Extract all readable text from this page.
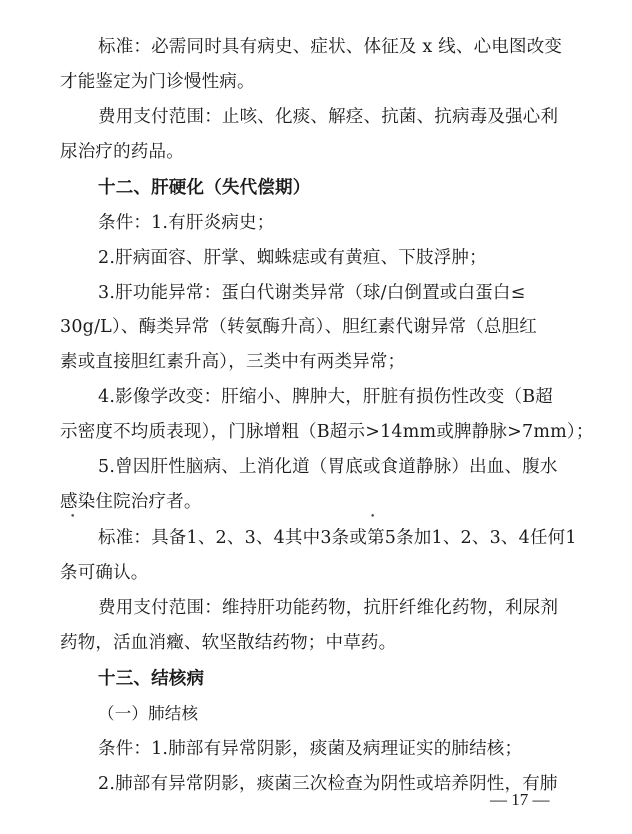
标准：必需同时具有病史、症状、体征及 x 线、心电图改变
才能鉴定为门诊慢性病。
费用支付范围：止咳、化痰、解痉、抗菌、抗病毒及强心利
尿治疗的药品。
十二、肝硬化（失代偿期）
条件：1.有肝炎病史；
2.肝病面容、肝掌、蜘蛛痣或有黄疸、下肢浮肿；
3.肝功能异常：蛋白代谢类异常（球/白倒置或白蛋白≤
30g/L）、酶类异常（转氨酶升高）、胆红素代谢异常（总胆红
素或直接胆红素升高），三类中有两类异常；
4.影像学改变：肝缩小、脾肿大，肝脏有损伤性改变（B超
示密度不均质表现），门脉增粗（B超示>14mm或脾静脉>7mm）；
5.曾因肝性脑病、上消化道（胃底或食道静脉）出血、腹水
感染住院治疗者。
•	•
标准：具备1、2、3、4其中3条或第5条加1、2、3、4任何1
条可确认。
费用支付范围：维持肝功能药物，抗肝纤维化药物，利尿剂
药物，活血消癥、软坚散结药物；中草药。
十三、结核病
（一）肺结核
条件：1.肺部有异常阴影，痰菌及病理证实的肺结核；
2.肺部有异常阴影，痰菌三次检查为阴性或培养阴性，有肺
— 17 —
